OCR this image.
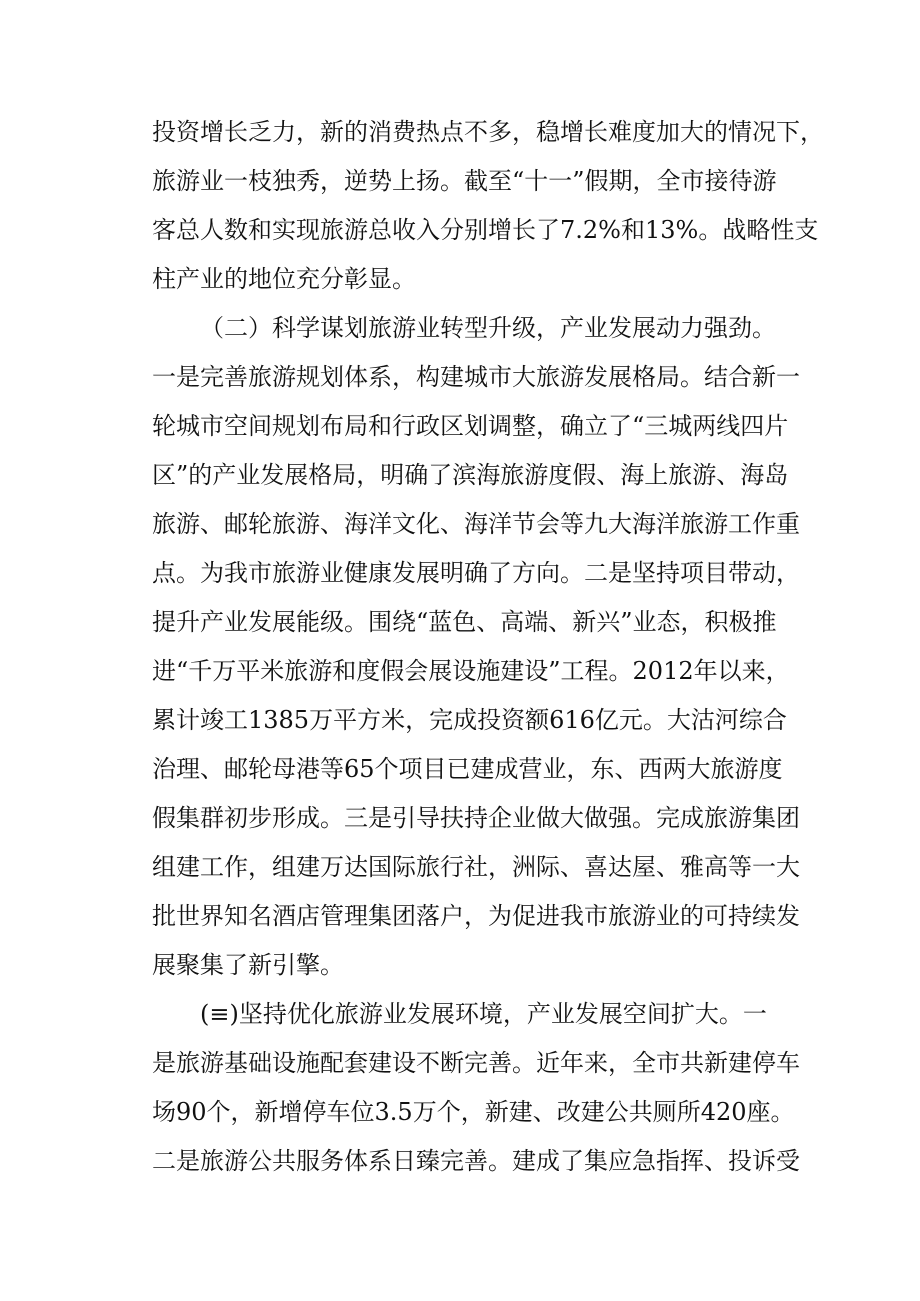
投资增长乏力，新的消费热点不多，稳增长难度加大的情况下，
旅游业一枝独秀，逆势上扬。截至“十一”假期，全市接待游
客总人数和实现旅游总收入分别增长了7.2%和13%。战略性支
柱产业的地位充分彰显。
（二）科学谋划旅游业转型升级，产业发展动力强劲。
一是完善旅游规划体系，构建城市大旅游发展格局。结合新一
轮城市空间规划布局和行政区划调整，确立了“三城两线四片
区”的产业发展格局，明确了滨海旅游度假、海上旅游、海岛
旅游、邮轮旅游、海洋文化、海洋节会等九大海洋旅游工作重
点。为我市旅游业健康发展明确了方向。二是坚持项目带动，
提升产业发展能级。围绕“蓝色、高端、新兴”业态，积极推
进“千万平米旅游和度假会展设施建设”工程。2012年以来，
累计竣工1385万平方米，完成投资额616亿元。大沽河综合
治理、邮轮母港等65个项目已建成营业，东、西两大旅游度
假集群初步形成。三是引导扶持企业做大做强。完成旅游集团
组建工作，组建万达国际旅行社，洲际、喜达屋、雅高等一大
批世界知名酒店管理集团落户，为促进我市旅游业的可持续发
展聚集了新引擎。
(≡)坚持优化旅游业发展环境，产业发展空间扩大。一
是旅游基础设施配套建设不断完善。近年来，全市共新建停车
场90个，新增停车位3.5万个，新建、改建公共厕所420座。
二是旅游公共服务体系日臻完善。建成了集应急指挥、投诉受
